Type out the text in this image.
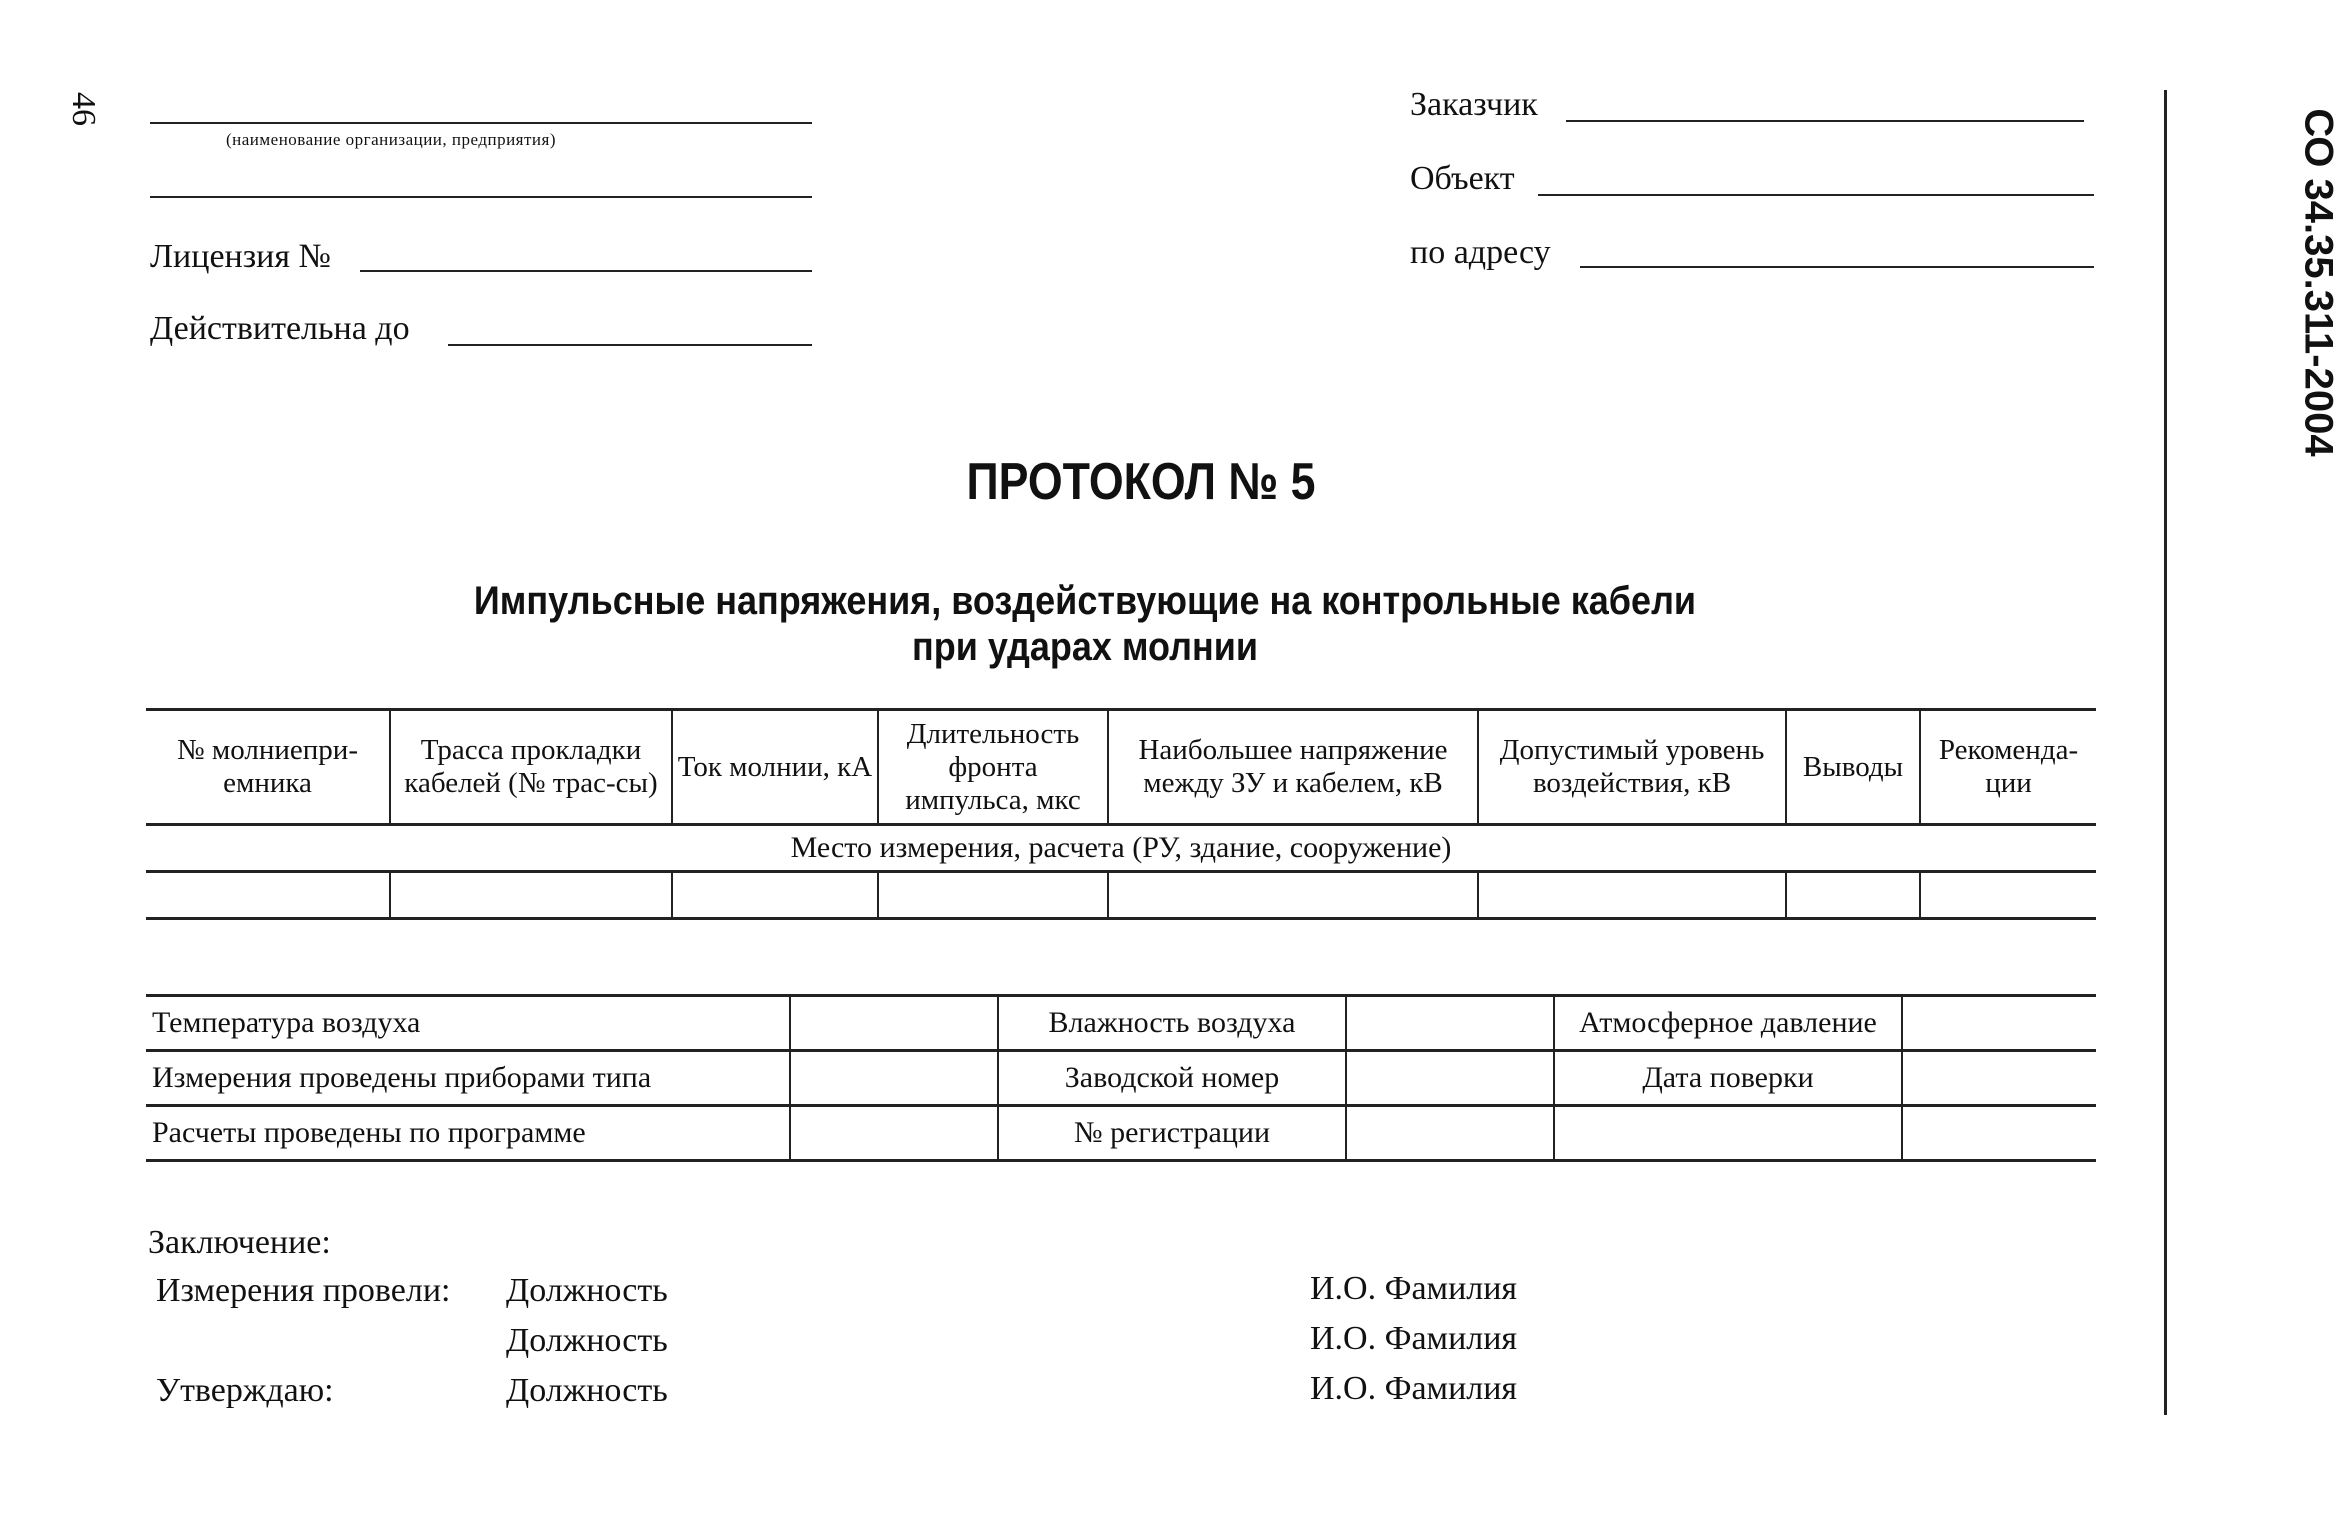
46
(наименование организации, предприятия)
Лицензия №
Действительна до
Заказчик
Объект
по адресу	СО 34.35.311-2004
ПРОТОКОЛ № 5
Импульсные напряжения, воздействующие на контрольные кабели
при ударах молнии
№ молниепри-емника	Трасса прокладки кабелей (№ трас-сы)	Ток молнии, кА	Длительность фронта импульса, мкс	Наибольшее напряжение между ЗУ и кабелем, кВ	Допустимый уровень воздействия, кВ	Выводы	Рекоменда-ции
Место измерения, расчета (РУ, здание, сооружение)							

Температура воздуха		Влажность воздуха		Атмосферное давление	
Измерения проведены приборами типа		Заводской номер		Дата поверки	
Расчеты проведены по программе		№ регистрации			
Заключение:
Измерения провели: Должность
Должность
Утверждаю:	Должность
И.О. Фамилия
И.О. Фамилия
И.О. Фамилия
